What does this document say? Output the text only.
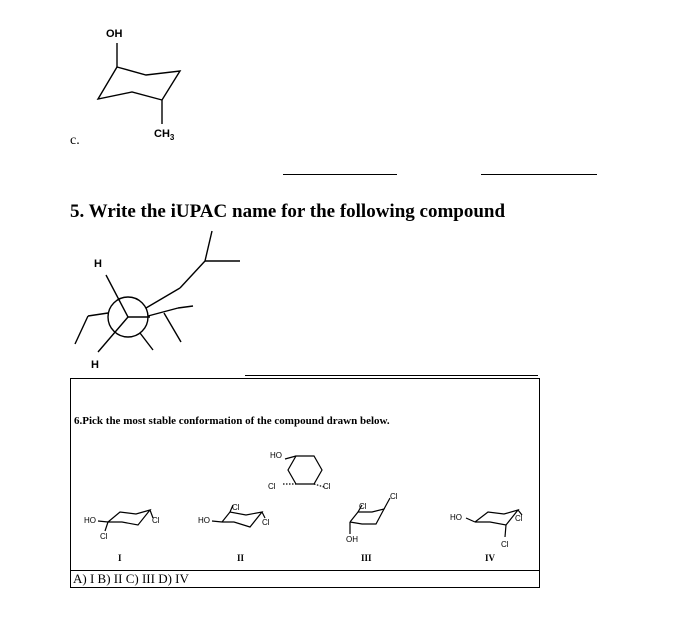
c.
OH
$CH_3$
5. Write the iUPAC name for the following compound
H
H
6.Pick the most stable conformation of the compound drawn below.
HO
Cl	Cl
HO
Cl
Cl
I
HO
Cl
Cl
II
Cl
Cl
OH
III
HO	Cl
Cl
IV
A) I B) II C) III D) IV
